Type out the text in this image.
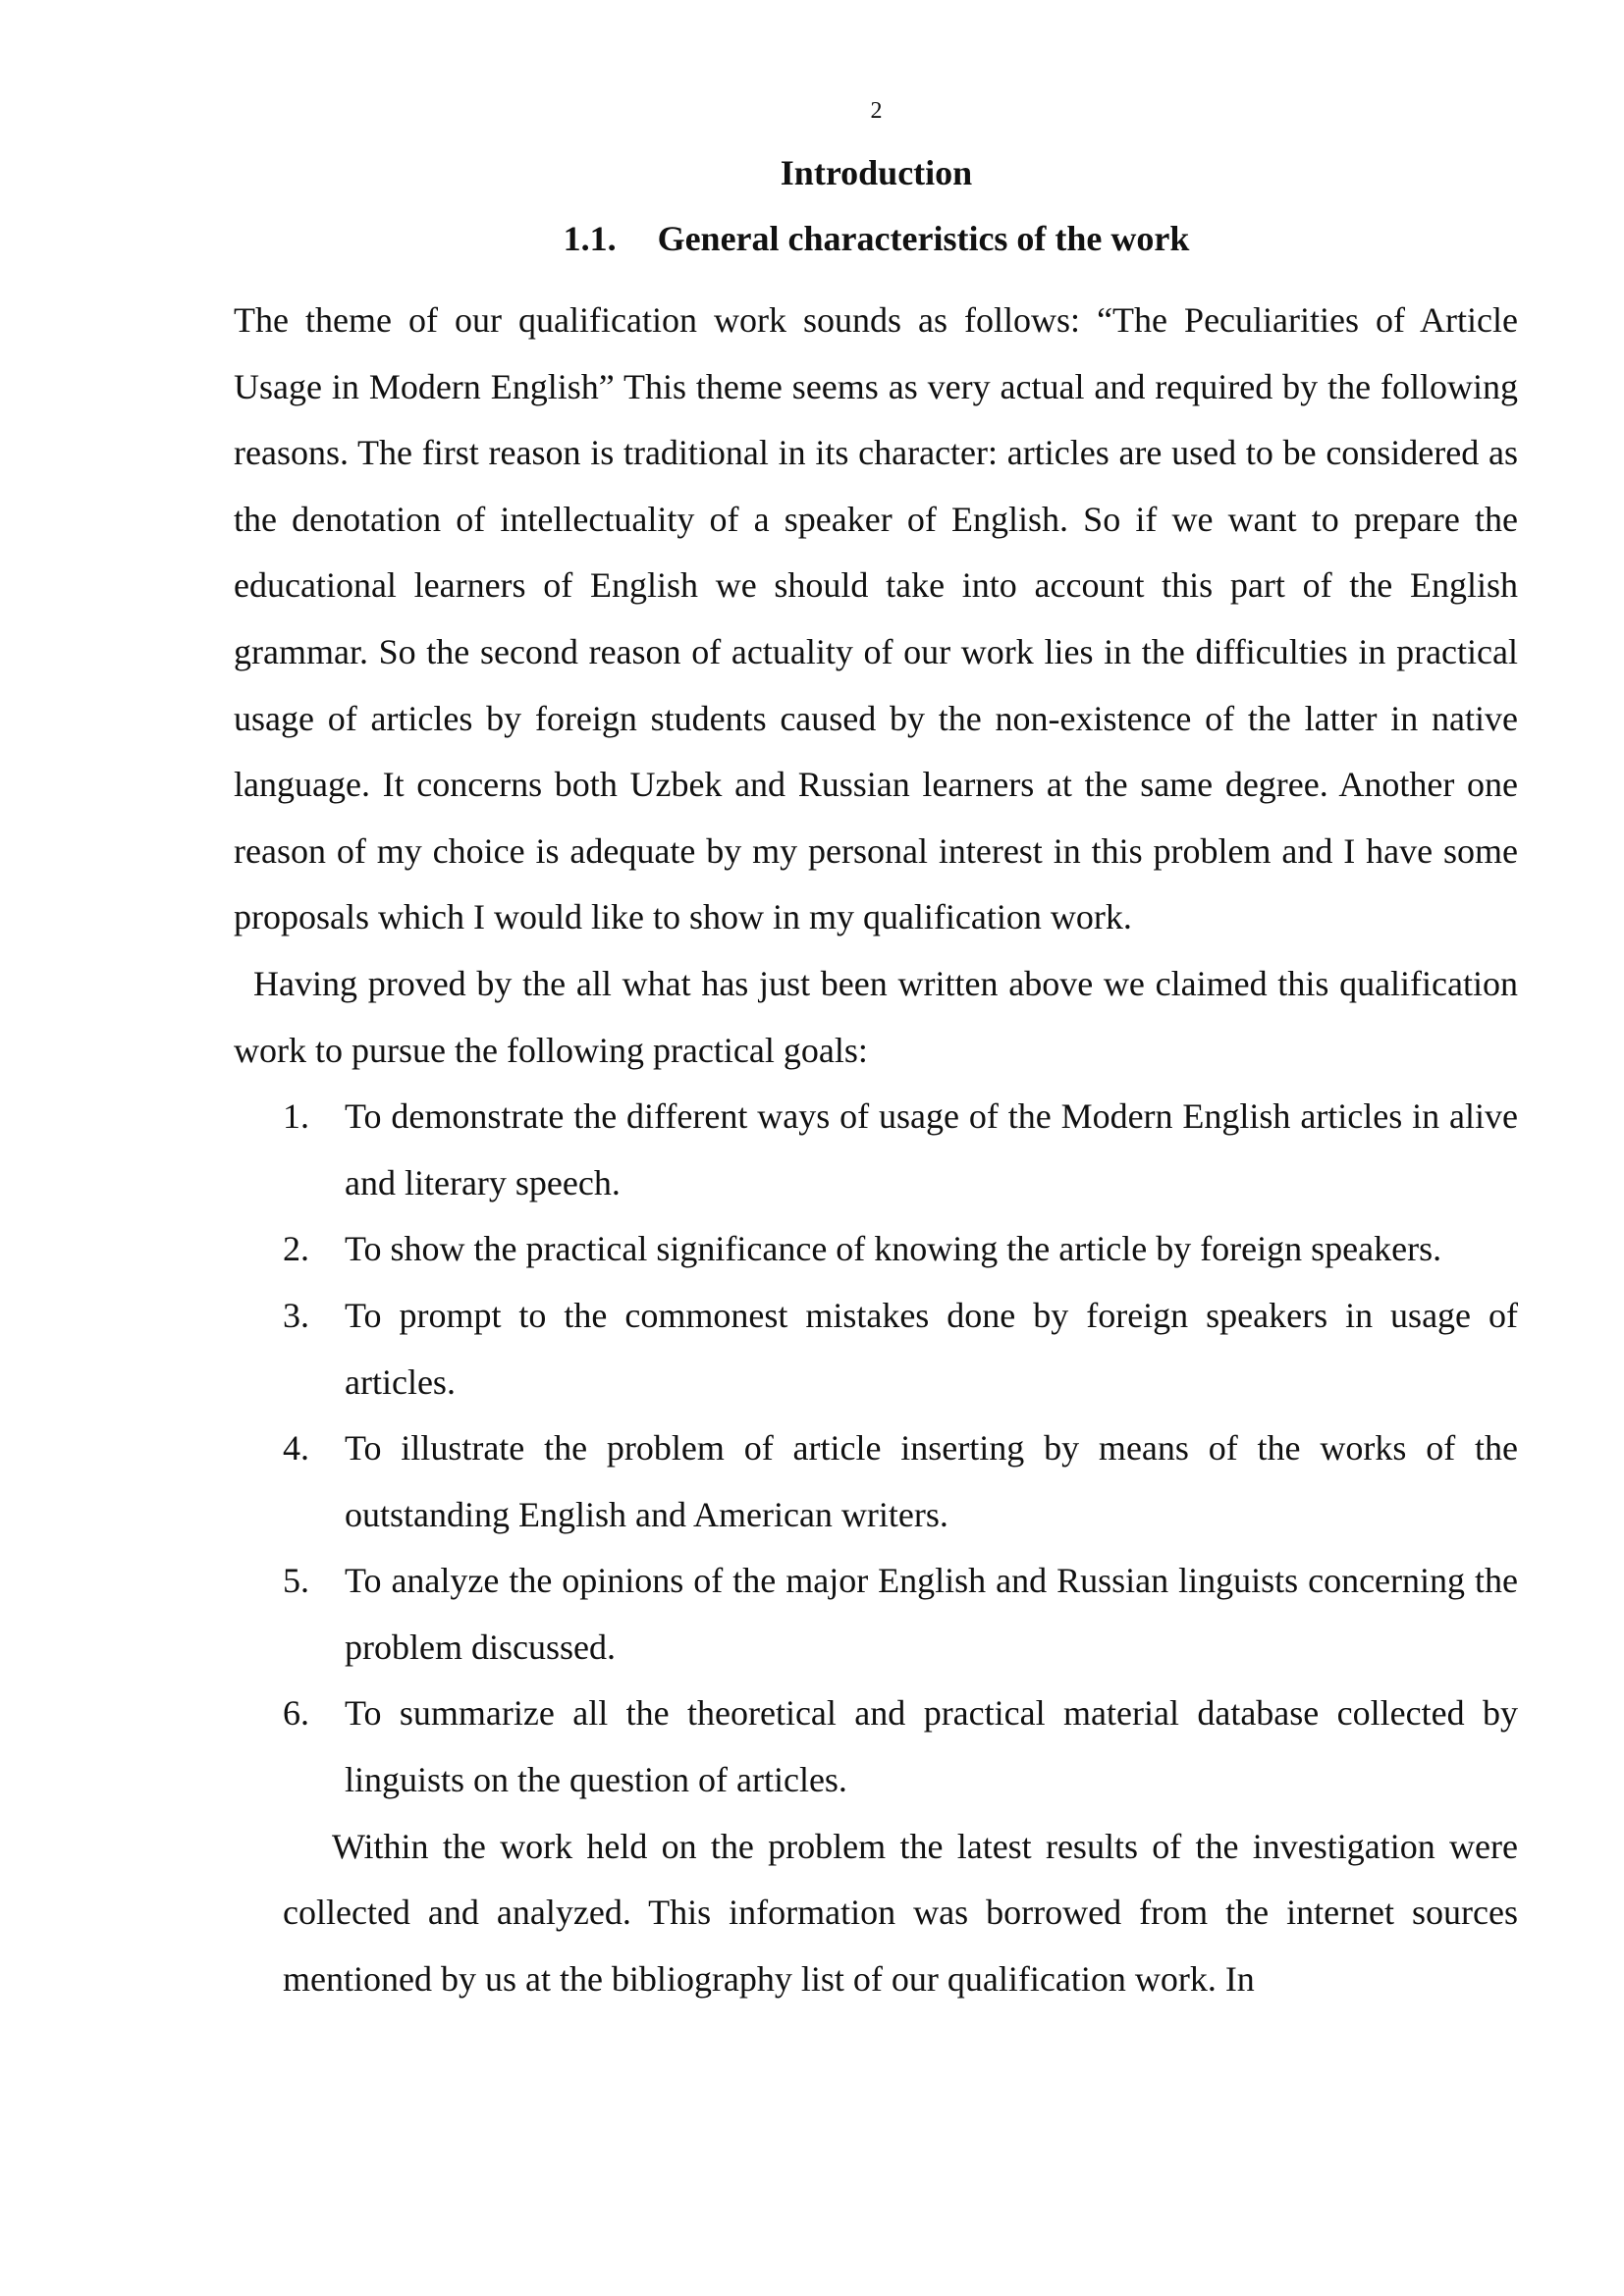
2
Introduction
1.1. General characteristics of the work

The theme of our qualification work sounds as follows: “The Peculiarities of Article Usage in Modern English” This theme seems as very actual and required by the following reasons. The first reason is traditional in its character: articles are used to be considered as the denotation of intellectuality of a speaker of English. So if we want to prepare the educational learners of English we should take into account this part of the English grammar. So the second reason of actuality of our work lies in the difficulties in practical usage of articles by foreign students caused by the non-existence of the latter in native language. It concerns both Uzbek and Russian learners at the same degree. Another one reason of my choice is adequate by my personal interest in this problem and I have some proposals which I would like to show in my qualification work.

Having proved by the all what has just been written above we claimed this qualification work to pursue the following practical goals:

1. To demonstrate the different ways of usage of the Modern English articles in alive and literary speech.
2. To show the practical significance of knowing the article by foreign speakers.
3. To prompt to the commonest mistakes done by foreign speakers in usage of articles.
4. To illustrate the problem of article inserting by means of the works of the outstanding English and American writers.
5. To analyze the opinions of the major English and Russian linguists concerning the problem discussed.
6. To summarize all the theoretical and practical material database collected by linguists on the question of articles.

Within the work held on the problem the latest results of the investigation were collected and analyzed. This information was borrowed from the internet sources mentioned by us at the bibliography list of our qualification work. In
